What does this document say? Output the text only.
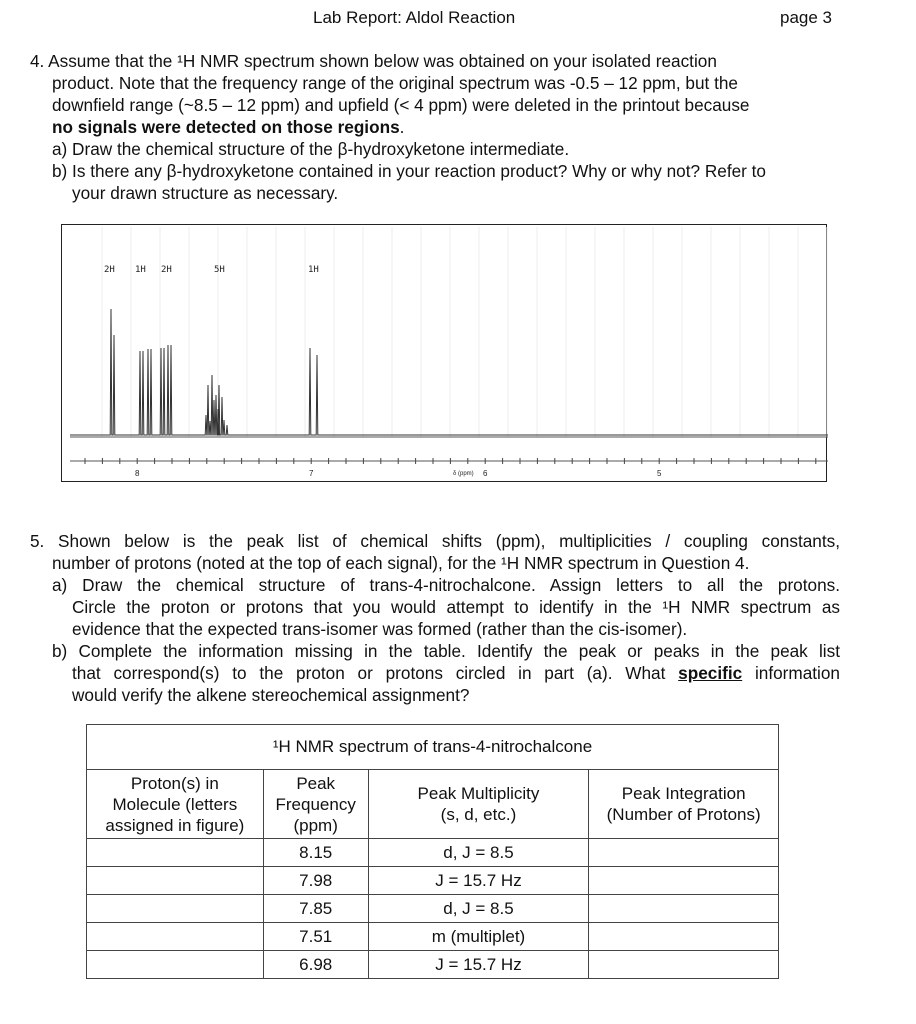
Lab Report: Aldol Reaction	page 3
4. Assume that the ¹H NMR spectrum shown below was obtained on your isolated reaction
product. Note that the frequency range of the original spectrum was -0.5 – 12 ppm, but the
downfield range (~8.5 – 12 ppm) and upfield (< 4 ppm) were deleted in the printout because
no signals were detected on those regions.
a) Draw the chemical structure of the β-hydroxyketone intermediate.
b) Is there any β-hydroxyketone contained in your reaction product? Why or why not? Refer to
your drawn structure as necessary.
2H 1H 2H	5H	1H
8	7	δ (ppm) 6	5
5. Shown below is the peak list of chemical shifts (ppm), multiplicities / coupling constants,
number of protons (noted at the top of each signal), for the ¹H NMR spectrum in Question 4.
a) Draw the chemical structure of trans-4-nitrochalcone. Assign letters to all the protons.
Circle the proton or protons that you would attempt to identify in the ¹H NMR spectrum as
evidence that the expected trans-isomer was formed (rather than the cis-isomer).
b) Complete the information missing in the table. Identify the peak or peaks in the peak list
that correspond(s) to the proton or protons circled in part (a). What specific information
would verify the alkene stereochemical assignment?
¹H NMR spectrum of trans-4-nitrochalcone			
Proton(s) in
Molecule (letters
assigned in figure)	Peak
Frequency
(ppm)	Peak Multiplicity
(s, d, etc.)	Peak Integration
(Number of Protons)
	8.15	d, J = 8.5	
	7.98	J = 15.7 Hz	
	7.85	d, J = 8.5	
	7.51	m (multiplet)	
	6.98	J = 15.7 Hz	
